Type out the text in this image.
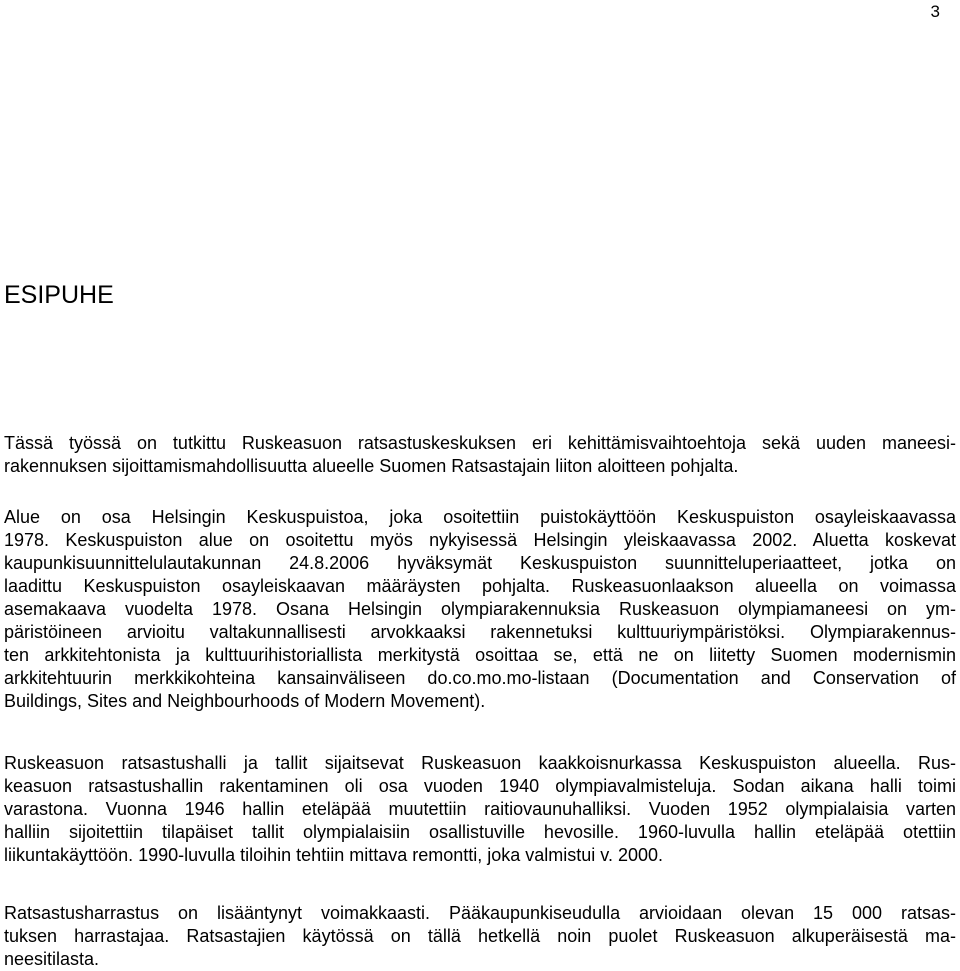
3
ESIPUHE
Tässä työssä on tutkittu Ruskeasuon ratsastuskeskuksen eri kehittämisvaihtoehtoja sekä uuden maneesi-
rakennuksen sijoittamismahdollisuutta alueelle Suomen Ratsastajain liiton aloitteen pohjalta.
Alue on osa Helsingin Keskuspuistoa, joka osoitettiin puistokäyttöön Keskuspuiston osayleiskaavassa
1978. Keskuspuiston alue on osoitettu myös nykyisessä Helsingin yleiskaavassa 2002. Aluetta koskevat
kaupunkisuunnittelulautakunnan 24.8.2006 hyväksymät Keskuspuiston suunnitteluperiaatteet, jotka on
laadittu Keskuspuiston osayleiskaavan määräysten pohjalta. Ruskeasuonlaakson alueella on voimassa
asemakaava vuodelta 1978. Osana Helsingin olympiarakennuksia Ruskeasuon olympiamaneesi on ym-
päristöineen arvioitu valtakunnallisesti arvokkaaksi rakennetuksi kulttuuriympäristöksi. Olympiarakennus-
ten arkkitehtonista ja kulttuurihistoriallista merkitystä osoittaa se, että ne on liitetty Suomen modernismin
arkkitehtuurin merkkikohteina kansainväliseen do.co.mo.mo-listaan (Documentation and Conservation of
Buildings, Sites and Neighbourhoods of Modern Movement).
Ruskeasuon ratsastushalli ja tallit sijaitsevat Ruskeasuon kaakkoisnurkassa Keskuspuiston alueella. Rus-
keasuon ratsastushallin rakentaminen oli osa vuoden 1940 olympiavalmisteluja. Sodan aikana halli toimi
varastona. Vuonna 1946 hallin eteläpää muutettiin raitiovaunuhalliksi. Vuoden 1952 olympialaisia varten
halliin sijoitettiin tilapäiset tallit olympialaisiin osallistuville hevosille. 1960-luvulla hallin eteläpää otettiin
liikuntakäyttöön. 1990-luvulla tiloihin tehtiin mittava remontti, joka valmistui v. 2000.
Ratsastusharrastus on lisääntynyt voimakkaasti. Pääkaupunkiseudulla arvioidaan olevan 15 000 ratsas-
tuksen harrastajaa. Ratsastajien käytössä on tällä hetkellä noin puolet Ruskeasuon alkuperäisestä ma-
neesitilasta.
